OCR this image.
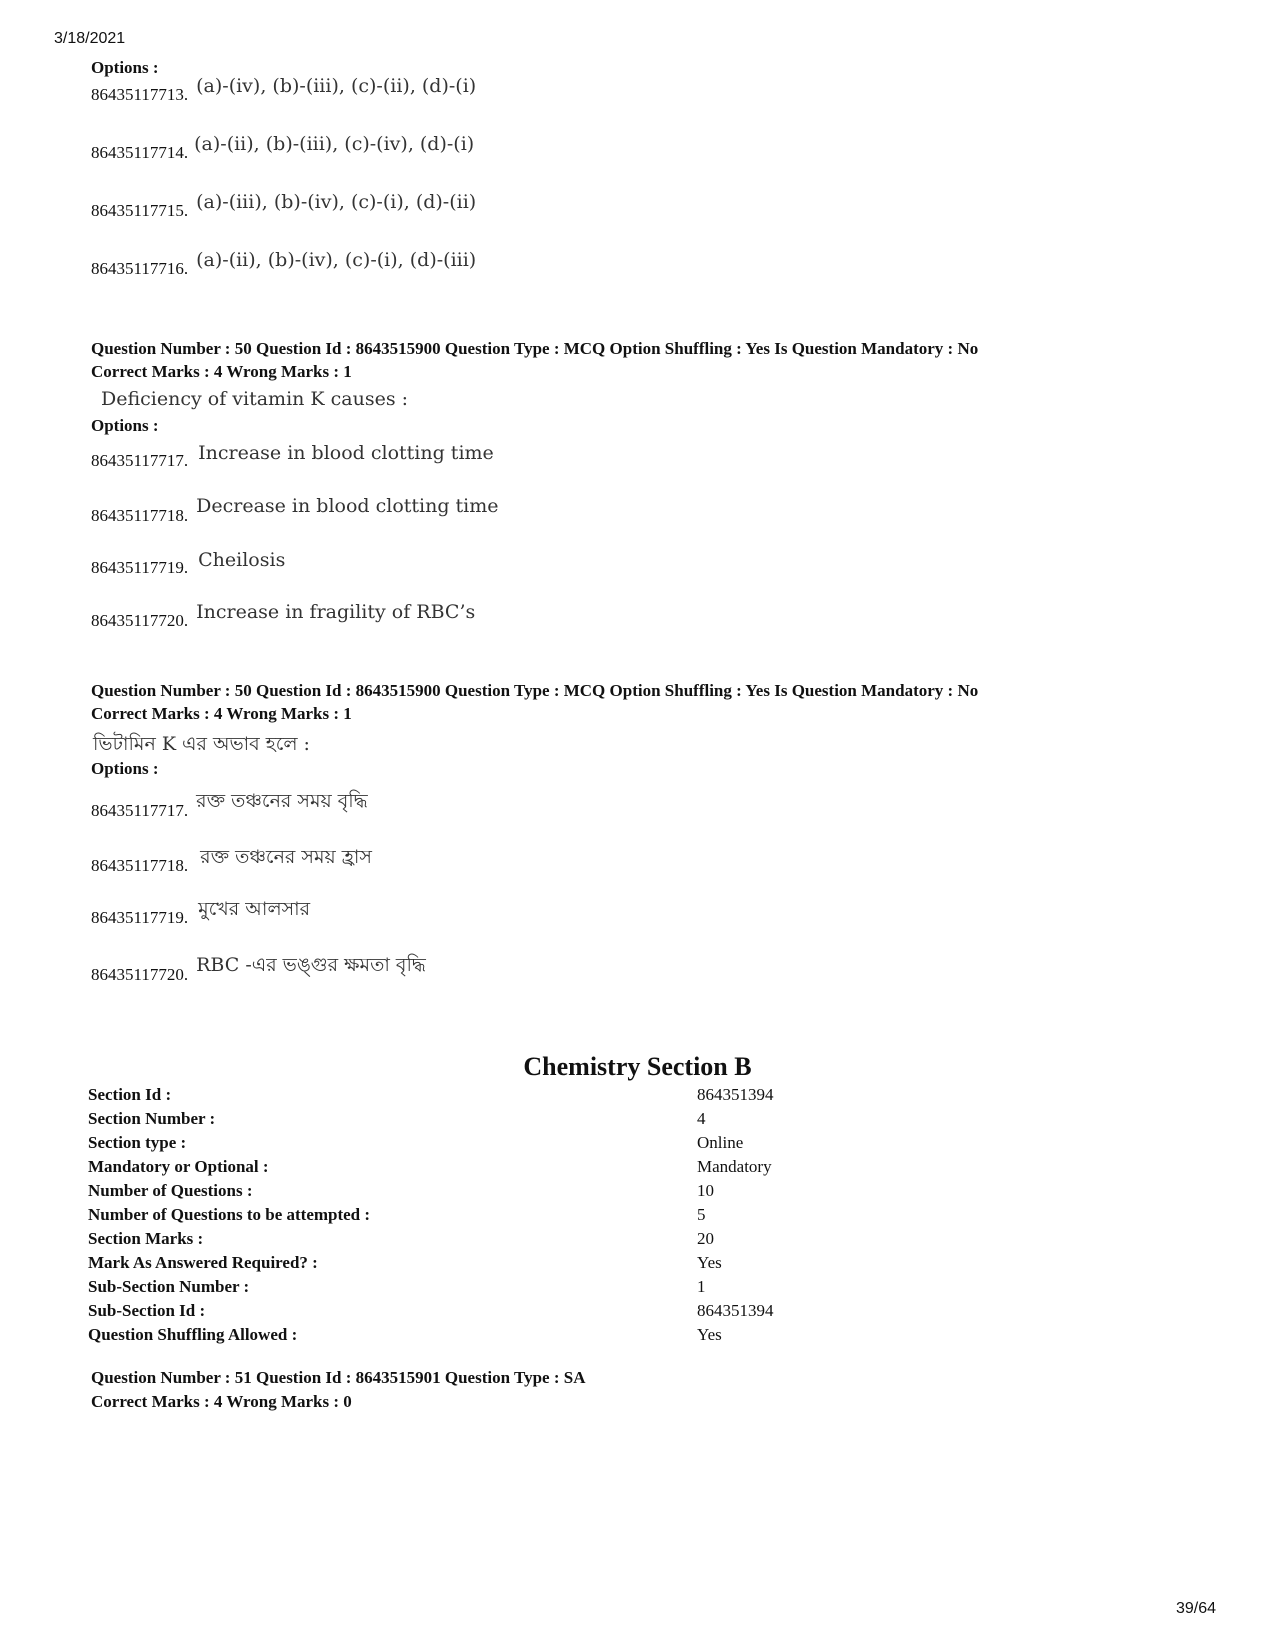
3/18/2021
Options :
86435117713. (a)-(iv), (b)-(iii), (c)-(ii), (d)-(i)
86435117714. (a)-(ii), (b)-(iii), (c)-(iv), (d)-(i)
86435117715. (a)-(iii), (b)-(iv), (c)-(i), (d)-(ii)
86435117716. (a)-(ii), (b)-(iv), (c)-(i), (d)-(iii)
Question Number : 50 Question Id : 8643515900 Question Type : MCQ Option Shuffling : Yes Is Question Mandatory : No
Correct Marks : 4 Wrong Marks : 1
Deficiency of vitamin K causes :
Options :
86435117717. Increase in blood clotting time
86435117718. Decrease in blood clotting time
86435117719. Cheilosis
86435117720. Increase in fragility of RBC’s
Question Number : 50 Question Id : 8643515900 Question Type : MCQ Option Shuffling : Yes Is Question Mandatory : No
Correct Marks : 4 Wrong Marks : 1
ভিটামিন K এর অভাব হলে :
Options :
86435117717. রক্ত তঞ্চনের সময় বৃদ্ধি
86435117718. রক্ত তঞ্চনের সময় হ্রাস
86435117719. মুখের আলসার
86435117720. RBC -এর ভঙ্গুর ক্ষমতা বৃদ্ধি
Chemistry Section B
Section Id :	864351394
Section Number :	4
Section type :	Online
Mandatory or Optional :	Mandatory
Number of Questions :	10
Number of Questions to be attempted :	5
Section Marks :	20
Mark As Answered Required? :	Yes
Sub-Section Number :	1
Sub-Section Id :	864351394
Question Shuffling Allowed :	Yes
Question Number : 51 Question Id : 8643515901 Question Type : SA
Correct Marks : 4 Wrong Marks : 0
39/64
